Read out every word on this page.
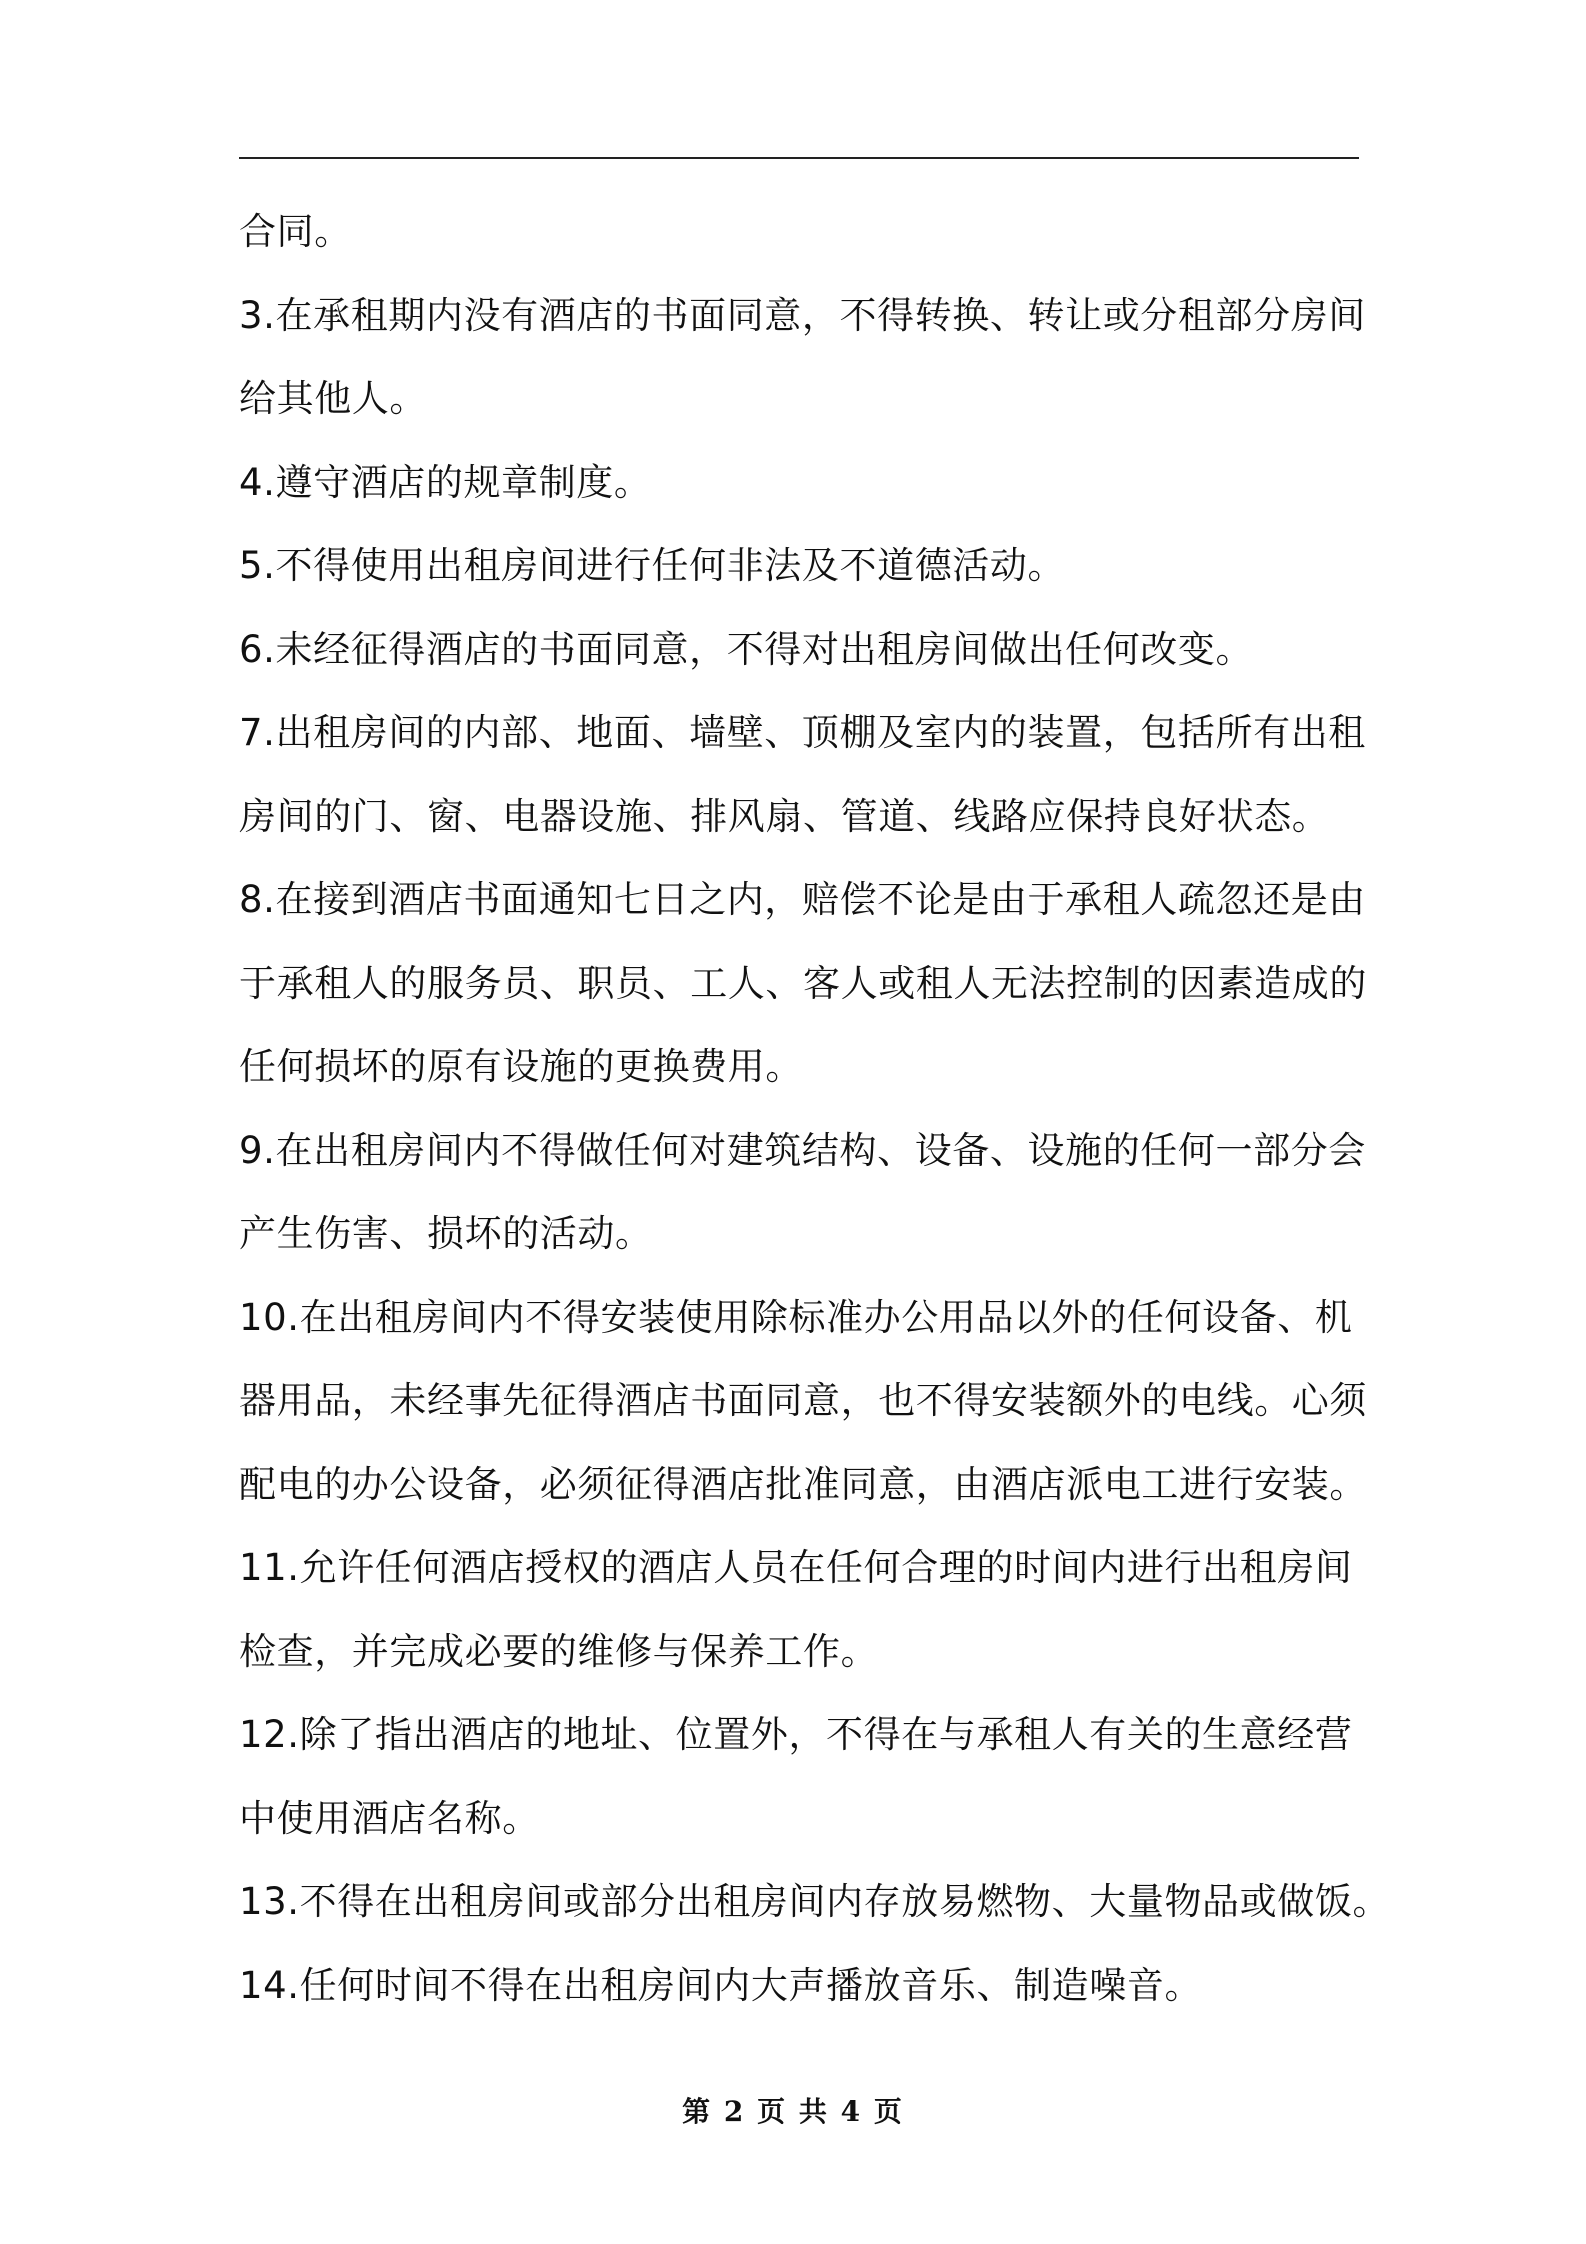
合同。
3.在承租期内没有酒店的书面同意，不得转换、转让或分租部分房间
给其他人。
4.遵守酒店的规章制度。
5.不得使用出租房间进行任何非法及不道德活动。
6.未经征得酒店的书面同意，不得对出租房间做出任何改变。
7.出租房间的内部、地面、墙壁、顶棚及室内的装置，包括所有出租
房间的门、窗、电器设施、排风扇、管道、线路应保持良好状态。
8.在接到酒店书面通知七日之内，赔偿不论是由于承租人疏忽还是由
于承租人的服务员、职员、工人、客人或租人无法控制的因素造成的
任何损坏的原有设施的更换费用。
9.在出租房间内不得做任何对建筑结构、设备、设施的任何一部分会
产生伤害、损坏的活动。
10.在出租房间内不得安装使用除标准办公用品以外的任何设备、机
器用品，未经事先征得酒店书面同意，也不得安装额外的电线。心须
配电的办公设备，必须征得酒店批准同意，由酒店派电工进行安装。
11.允许任何酒店授权的酒店人员在任何合理的时间内进行出租房间
检查，并完成必要的维修与保养工作。
12.除了指出酒店的地址、位置外，不得在与承租人有关的生意经营
中使用酒店名称。
13.不得在出租房间或部分出租房间内存放易燃物、大量物品或做饭。
14.任何时间不得在出租房间内大声播放音乐、制造噪音。
第 2 页 共 4 页
